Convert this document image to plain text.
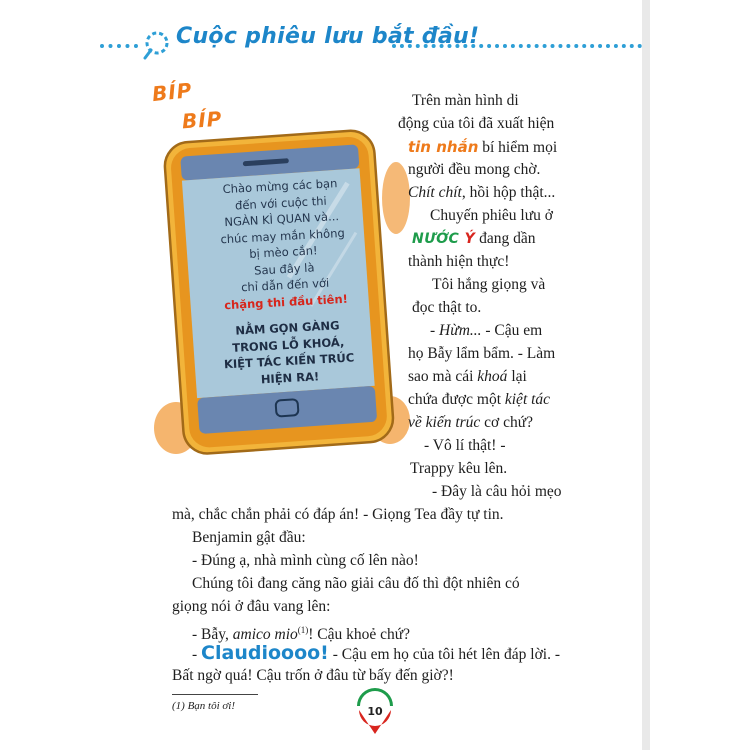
Cuộc phiêu lưu bắt đầu!
BÍP
BÍP
Chào mừng các bạn
đến với cuộc thi
NGÀN KÌ QUAN và...
chúc may mắn không
bị mèo cắn!
Sau đây là
chỉ dẫn đến với
chặng thi đầu tiên!
NẰM GỌN GÀNG
TRONG LỖ KHOÁ,
KIỆT TÁC KIẾN TRÚC
HIỆN RA!
Trên màn hình di
động của tôi đã xuất hiện
tin nhắn bí hiểm mọi
người đều mong chờ.
Chít chít, hồi hộp thật...
Chuyến phiêu lưu ở
NƯỚC Ý đang dần
thành hiện thực!
Tôi hắng giọng và
đọc thật to.
- Hừm... - Cậu em
họ Bẫy lẩm bẩm. - Làm
sao mà cái khoá lại
chứa được một kiệt tác
về kiến trúc cơ chứ?
- Vô lí thật! -
Trappy kêu lên.
- Đây là câu hỏi mẹo
mà, chắc chắn phải có đáp án! - Giọng Tea đầy tự tin.
Benjamin gật đầu:
- Đúng ạ, nhà mình cùng cố lên nào!
Chúng tôi đang căng não giải câu đố thì đột nhiên có
giọng nói ở đâu vang lên:
- Bẫy, amico mio$^{(1)}$! Cậu khoẻ chứ?
- Claudioooo! - Cậu em họ của tôi hét lên đáp lời. -
Bất ngờ quá! Cậu trốn ở đâu từ bấy đến giờ?!
(1) Bạn tôi ơi!	10
